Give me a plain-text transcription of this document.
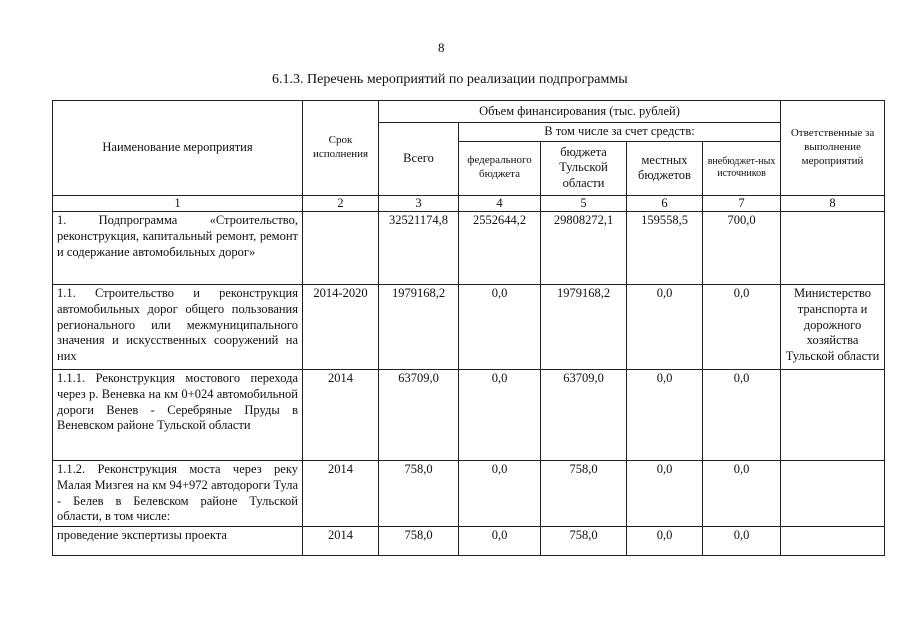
8
6.1.3. Перечень мероприятий по реализации подпрограммы
Наименование мероприятия	Срок исполнения	Объем финансирования (тыс. рублей)					Ответственные за выполнение мероприятий
		Всего	В том числе за счет средств:				
			федерального бюджета	бюджета Тульской области	местных бюджетов	внебюджет-ных источников	
1	2	3	4	5	6	7	8
1. Подпрограмма «Строительство, реконструкция, капитальный ремонт, ремонт и содержание автомобильных дорог»		32521174,8	2552644,2	29808272,1	159558,5	700,0	
1.1. Строительство и реконструкция автомобильных дорог общего пользования регионального или межмуниципального значения и искусственных сооружений на них	2014-2020	1979168,2	0,0	1979168,2	0,0	0,0	Министерство транспорта и дорожного хозяйства Тульской области
1.1.1. Реконструкция мостового перехода через р. Веневка на км 0+024 автомобильной дороги Венев - Серебряные Пруды в Веневском районе Тульской области	2014	63709,0	0,0	63709,0	0,0	0,0	
1.1.2. Реконструкция моста через реку Малая Мизгея на км 94+972 автодороги Тула - Белев в Белевском районе Тульской области, в том числе:	2014	758,0	0,0	758,0	0,0	0,0	
проведение экспертизы проекта	2014	758,0	0,0	758,0	0,0	0,0	
